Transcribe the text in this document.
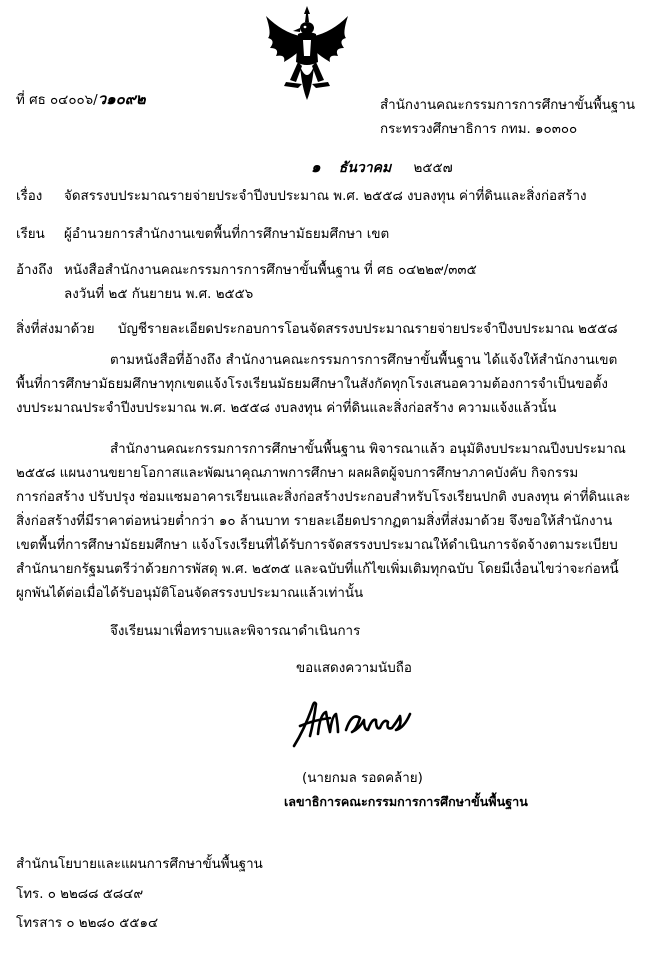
ที่ ศธ ๐๔๐๐๖/ว๑๐๙๒	สำนักงานคณะกรรมการการศึกษาขั้นพื้นฐาน
กระทรวงศึกษาธิการ กทม. ๑๐๓๐๐
๑ ธันวาคม ๒๕๕๗
เรื่อง จัดสรรงบประมาณรายจ่ายประจำปีงบประมาณ พ.ศ. ๒๕๕๘ งบลงทุน ค่าที่ดินและสิ่งก่อสร้าง
เรียน ผู้อำนวยการสำนักงานเขตพื้นที่การศึกษามัธยมศึกษา เขต
อ้างถึง หนังสือสำนักงานคณะกรรมการการศึกษาขั้นพื้นฐาน ที่ ศธ ๐๔๒๒๙/๓๓๕
ลงวันที่ ๒๕ กันยายน พ.ศ. ๒๕๕๖
สิ่งที่ส่งมาด้วย บัญชีรายละเอียดประกอบการโอนจัดสรรงบประมาณรายจ่ายประจำปีงบประมาณ ๒๕๕๘
ตามหนังสือที่อ้างถึง สำนักงานคณะกรรมการการศึกษาขั้นพื้นฐาน ได้แจ้งให้สำนักงานเขต
พื้นที่การศึกษามัธยมศึกษาทุกเขตแจ้งโรงเรียนมัธยมศึกษาในสังกัดทุกโรงเสนอความต้องการจำเป็นขอตั้ง
งบประมาณประจำปีงบประมาณ พ.ศ. ๒๕๕๘ งบลงทุน ค่าที่ดินและสิ่งก่อสร้าง ความแจ้งแล้วนั้น
สำนักงานคณะกรรมการการศึกษาขั้นพื้นฐาน พิจารณาแล้ว อนุมัติงบประมาณปีงบประมาณ
๒๕๕๘ แผนงานขยายโอกาสและพัฒนาคุณภาพการศึกษา ผลผลิตผู้จบการศึกษาภาคบังคับ กิจกรรม
การก่อสร้าง ปรับปรุง ซ่อมแซมอาคารเรียนและสิ่งก่อสร้างประกอบสำหรับโรงเรียนปกติ งบลงทุน ค่าที่ดินและ
สิ่งก่อสร้างที่มีราคาต่อหน่วยต่ำกว่า ๑๐ ล้านบาท รายละเอียดปรากฏตามสิ่งที่ส่งมาด้วย จึงขอให้สำนักงาน
เขตพื้นที่การศึกษามัธยมศึกษา แจ้งโรงเรียนที่ได้รับการจัดสรรงบประมาณให้ดำเนินการจัดจ้างตามระเบียบ
สำนักนายกรัฐมนตรีว่าด้วยการพัสดุ พ.ศ. ๒๕๓๕ และฉบับที่แก้ไขเพิ่มเติมทุกฉบับ โดยมีเงื่อนไขว่าจะก่อหนี้
ผูกพันได้ต่อเมื่อได้รับอนุมัติโอนจัดสรรงบประมาณแล้วเท่านั้น
จึงเรียนมาเพื่อทราบและพิจารณาดำเนินการ
ขอแสดงความนับถือ
(นายกมล รอดคล้าย)
เลขาธิการคณะกรรมการการศึกษาขั้นพื้นฐาน
สำนักนโยบายและแผนการศึกษาขั้นพื้นฐาน
โทร. ๐ ๒๒๘๘ ๕๘๔๙
โทรสาร ๐ ๒๒๘๐ ๕๕๑๔
